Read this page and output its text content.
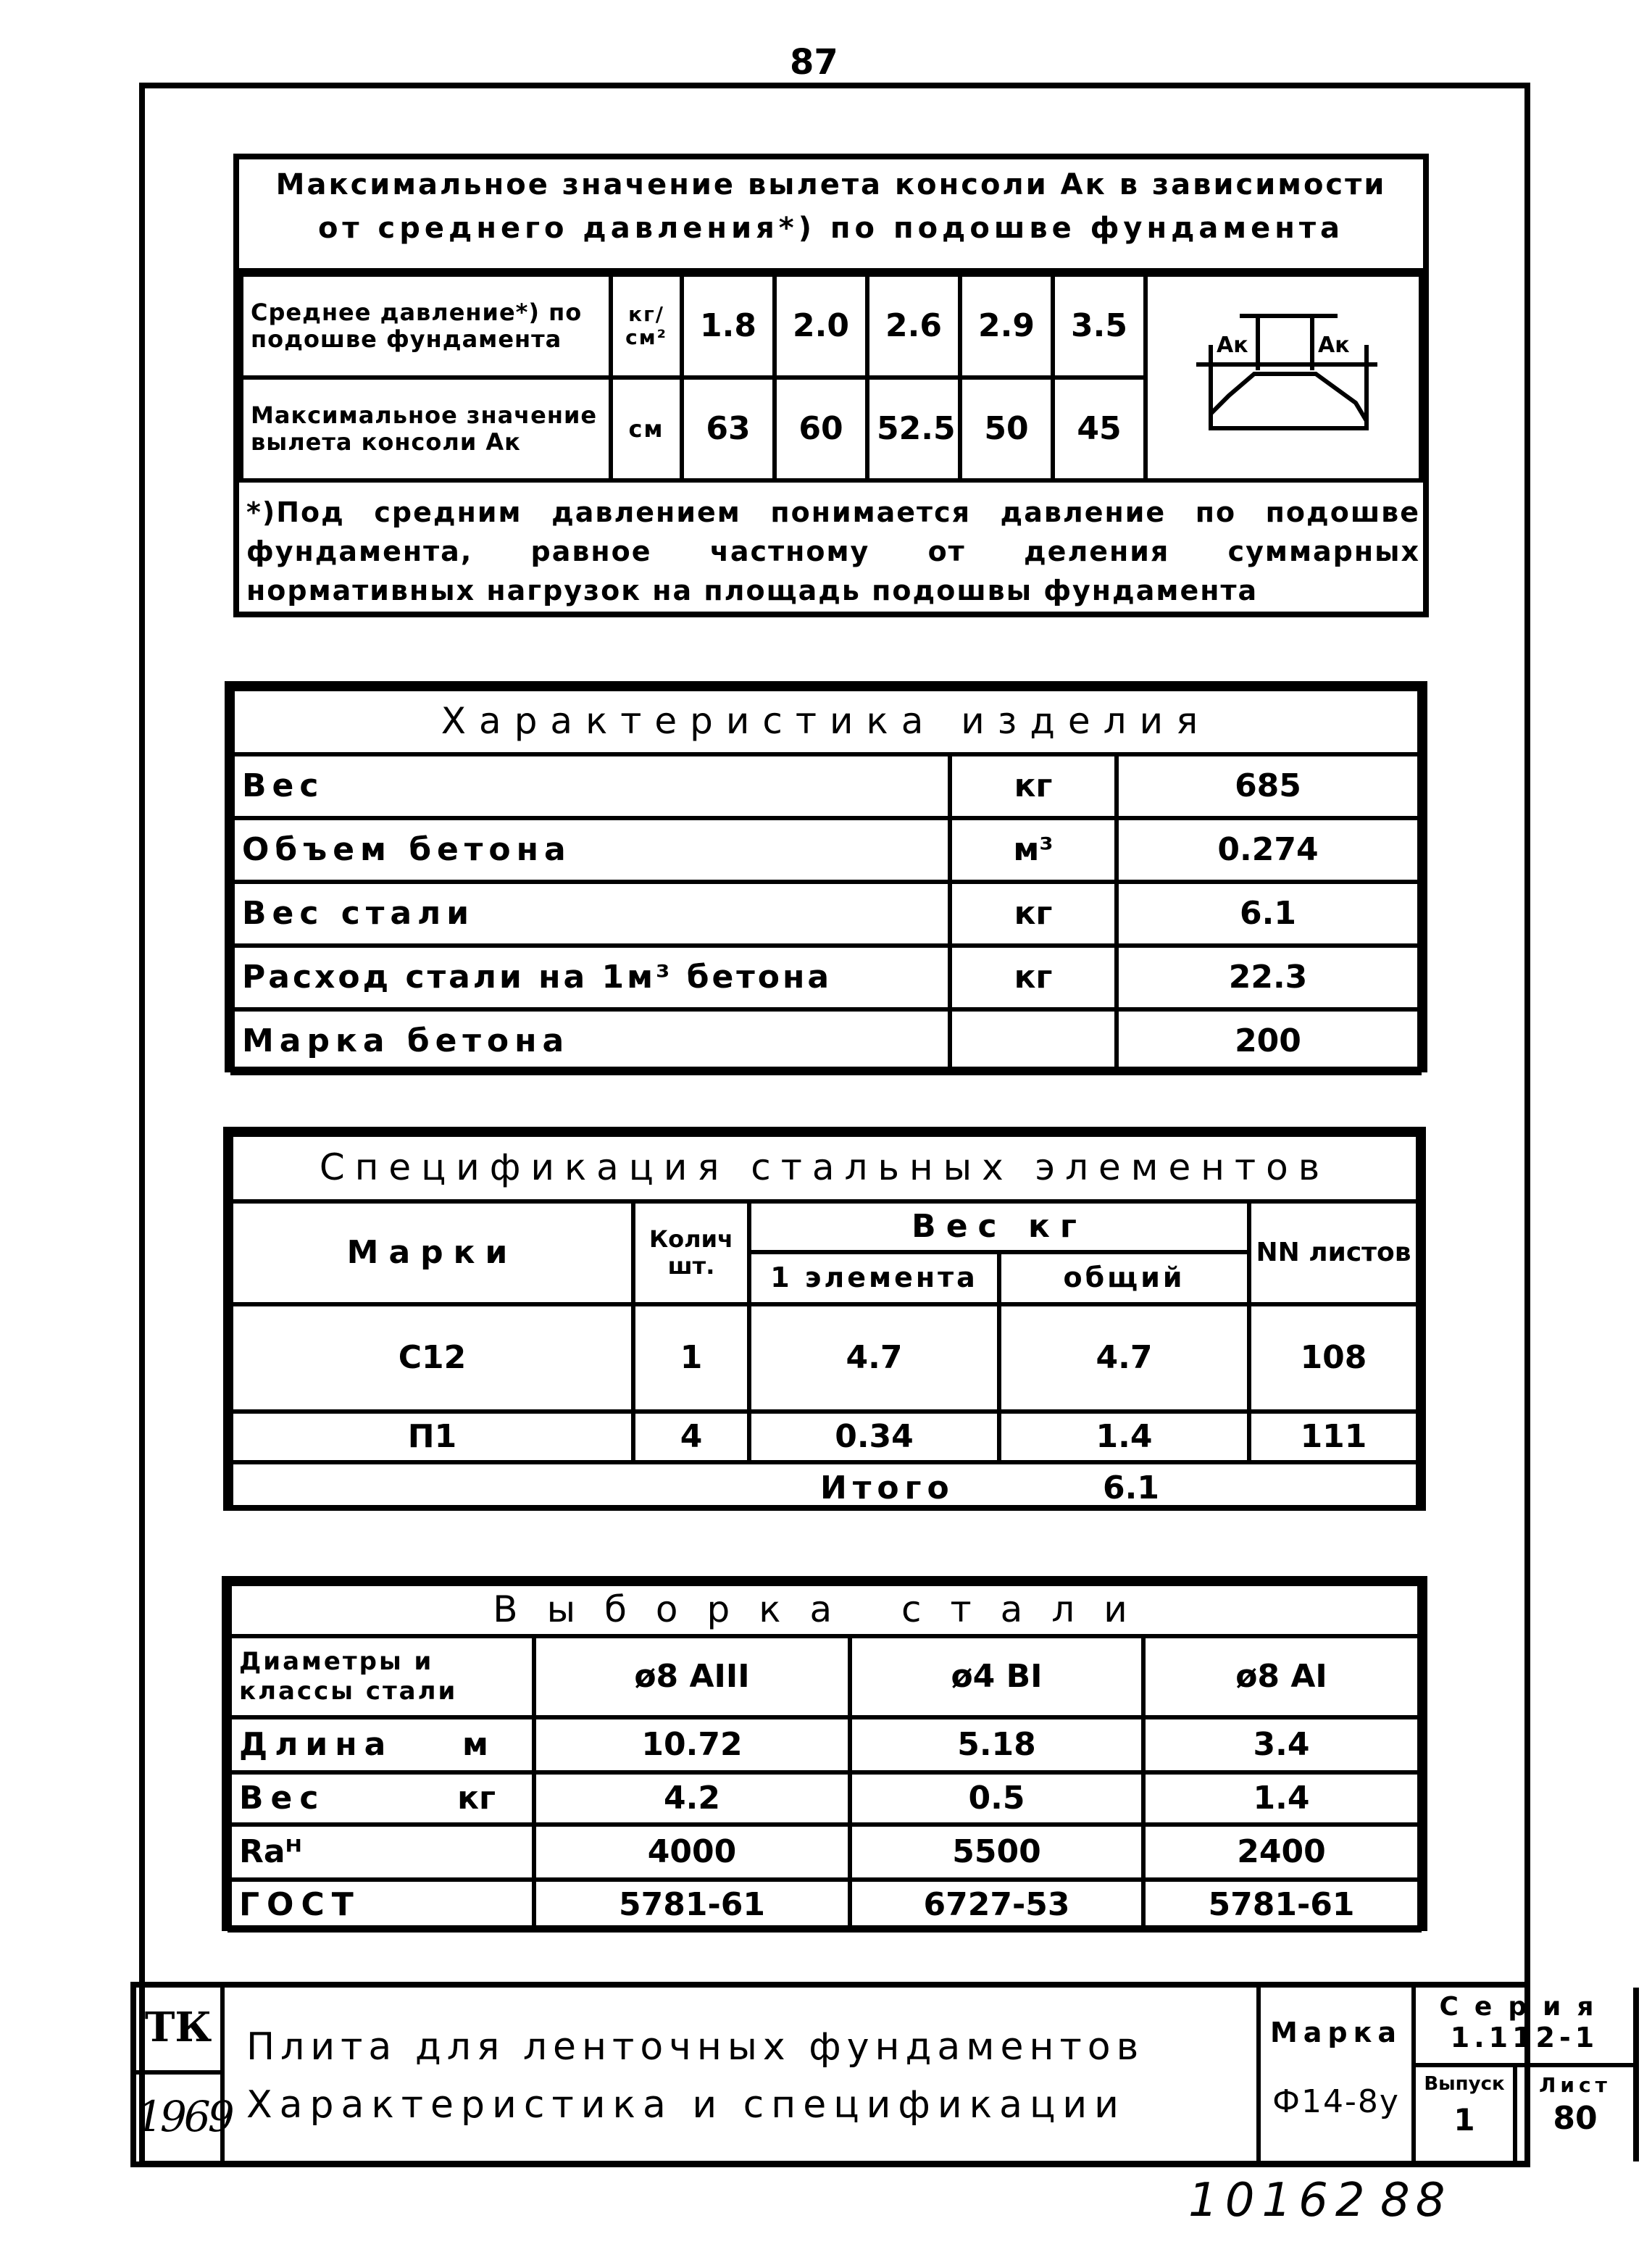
87
Максимальное значение вылета консоли Ак в зависимости
от среднего давления*) по подошве фундамента
Среднее давление*) по подошве фундамента	кг/см²	1.8	2.0	2.6	2.9	3.5	Ак Ак

Максимальное значение вылета консоли Ак	см	63	60	52.5	50	45	
*)Под средним давлением понимается давление по подошве фундамента, равное частному от деления суммарных нормативных нагрузок на площадь подошвы фундамента
Характеристика изделия		
Вес	кг	685
Объем бетона	м³	0.274
Вес стали	кг	6.1
Расход стали на 1м³ бетона	кг	22.3
Марка бетона		200
Спецификация стальных элементов				
Марки	Колич шт.	Вес кг		NN листов
		1 элемента	общий	
С12	1	4.7	4.7	108
П1	4	0.34	1.4	111

Итого 6.1				
Выборка стали			
Диаметры и классы стали	ø8 AIII	ø4 BI	ø8 AI
Длина м	10.72	5.18	3.4
Вес кг	4.2	0.5	1.4
Raᴴ	4000	5500	2400
ГОСТ	5781-61	6727-53	5781-61
ТК
1969
Плита для ленточных фундаментов
Характеристика и спецификации
Марка
Ф14-8у
Серия
1.112-1
Выпуск
1
Лист
80
10162 88
